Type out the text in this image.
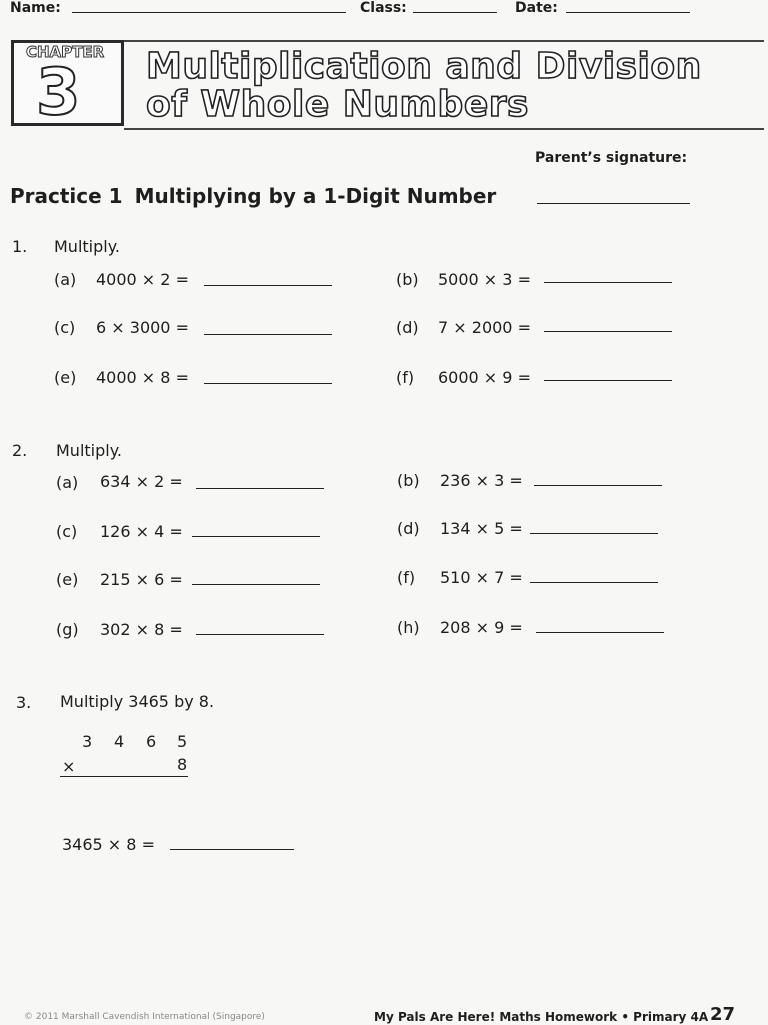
Name:	Class:	Date:
CHAPTER
3 Multiplication and Division
of Whole Numbers
Parent’s signature:
Practice 1 Multiplying by a 1-Digit Number
1. Multiply.
(a) 4000 × 2 =	(b) 5000 × 3 =
(c) 6 × 3000 =	(d) 7 × 2000 =
(e) 4000 × 8 =	(f) 6000 × 9 =
2. Multiply.
(a) 634 × 2 =	(b) 236 × 3 =
(c) 126 × 4 =	(d) 134 × 5 =
(e) 215 × 6 =	(f) 510 × 7 =
(g) 302 × 8 =	(h) 208 × 9 =
3. Multiply 3465 by 8.
3 4 6 5
×	8
3465 × 8 =
© 2011 Marshall Cavendish International (Singapore)	My Pals Are Here! Maths Homework • Primary 4A 27
